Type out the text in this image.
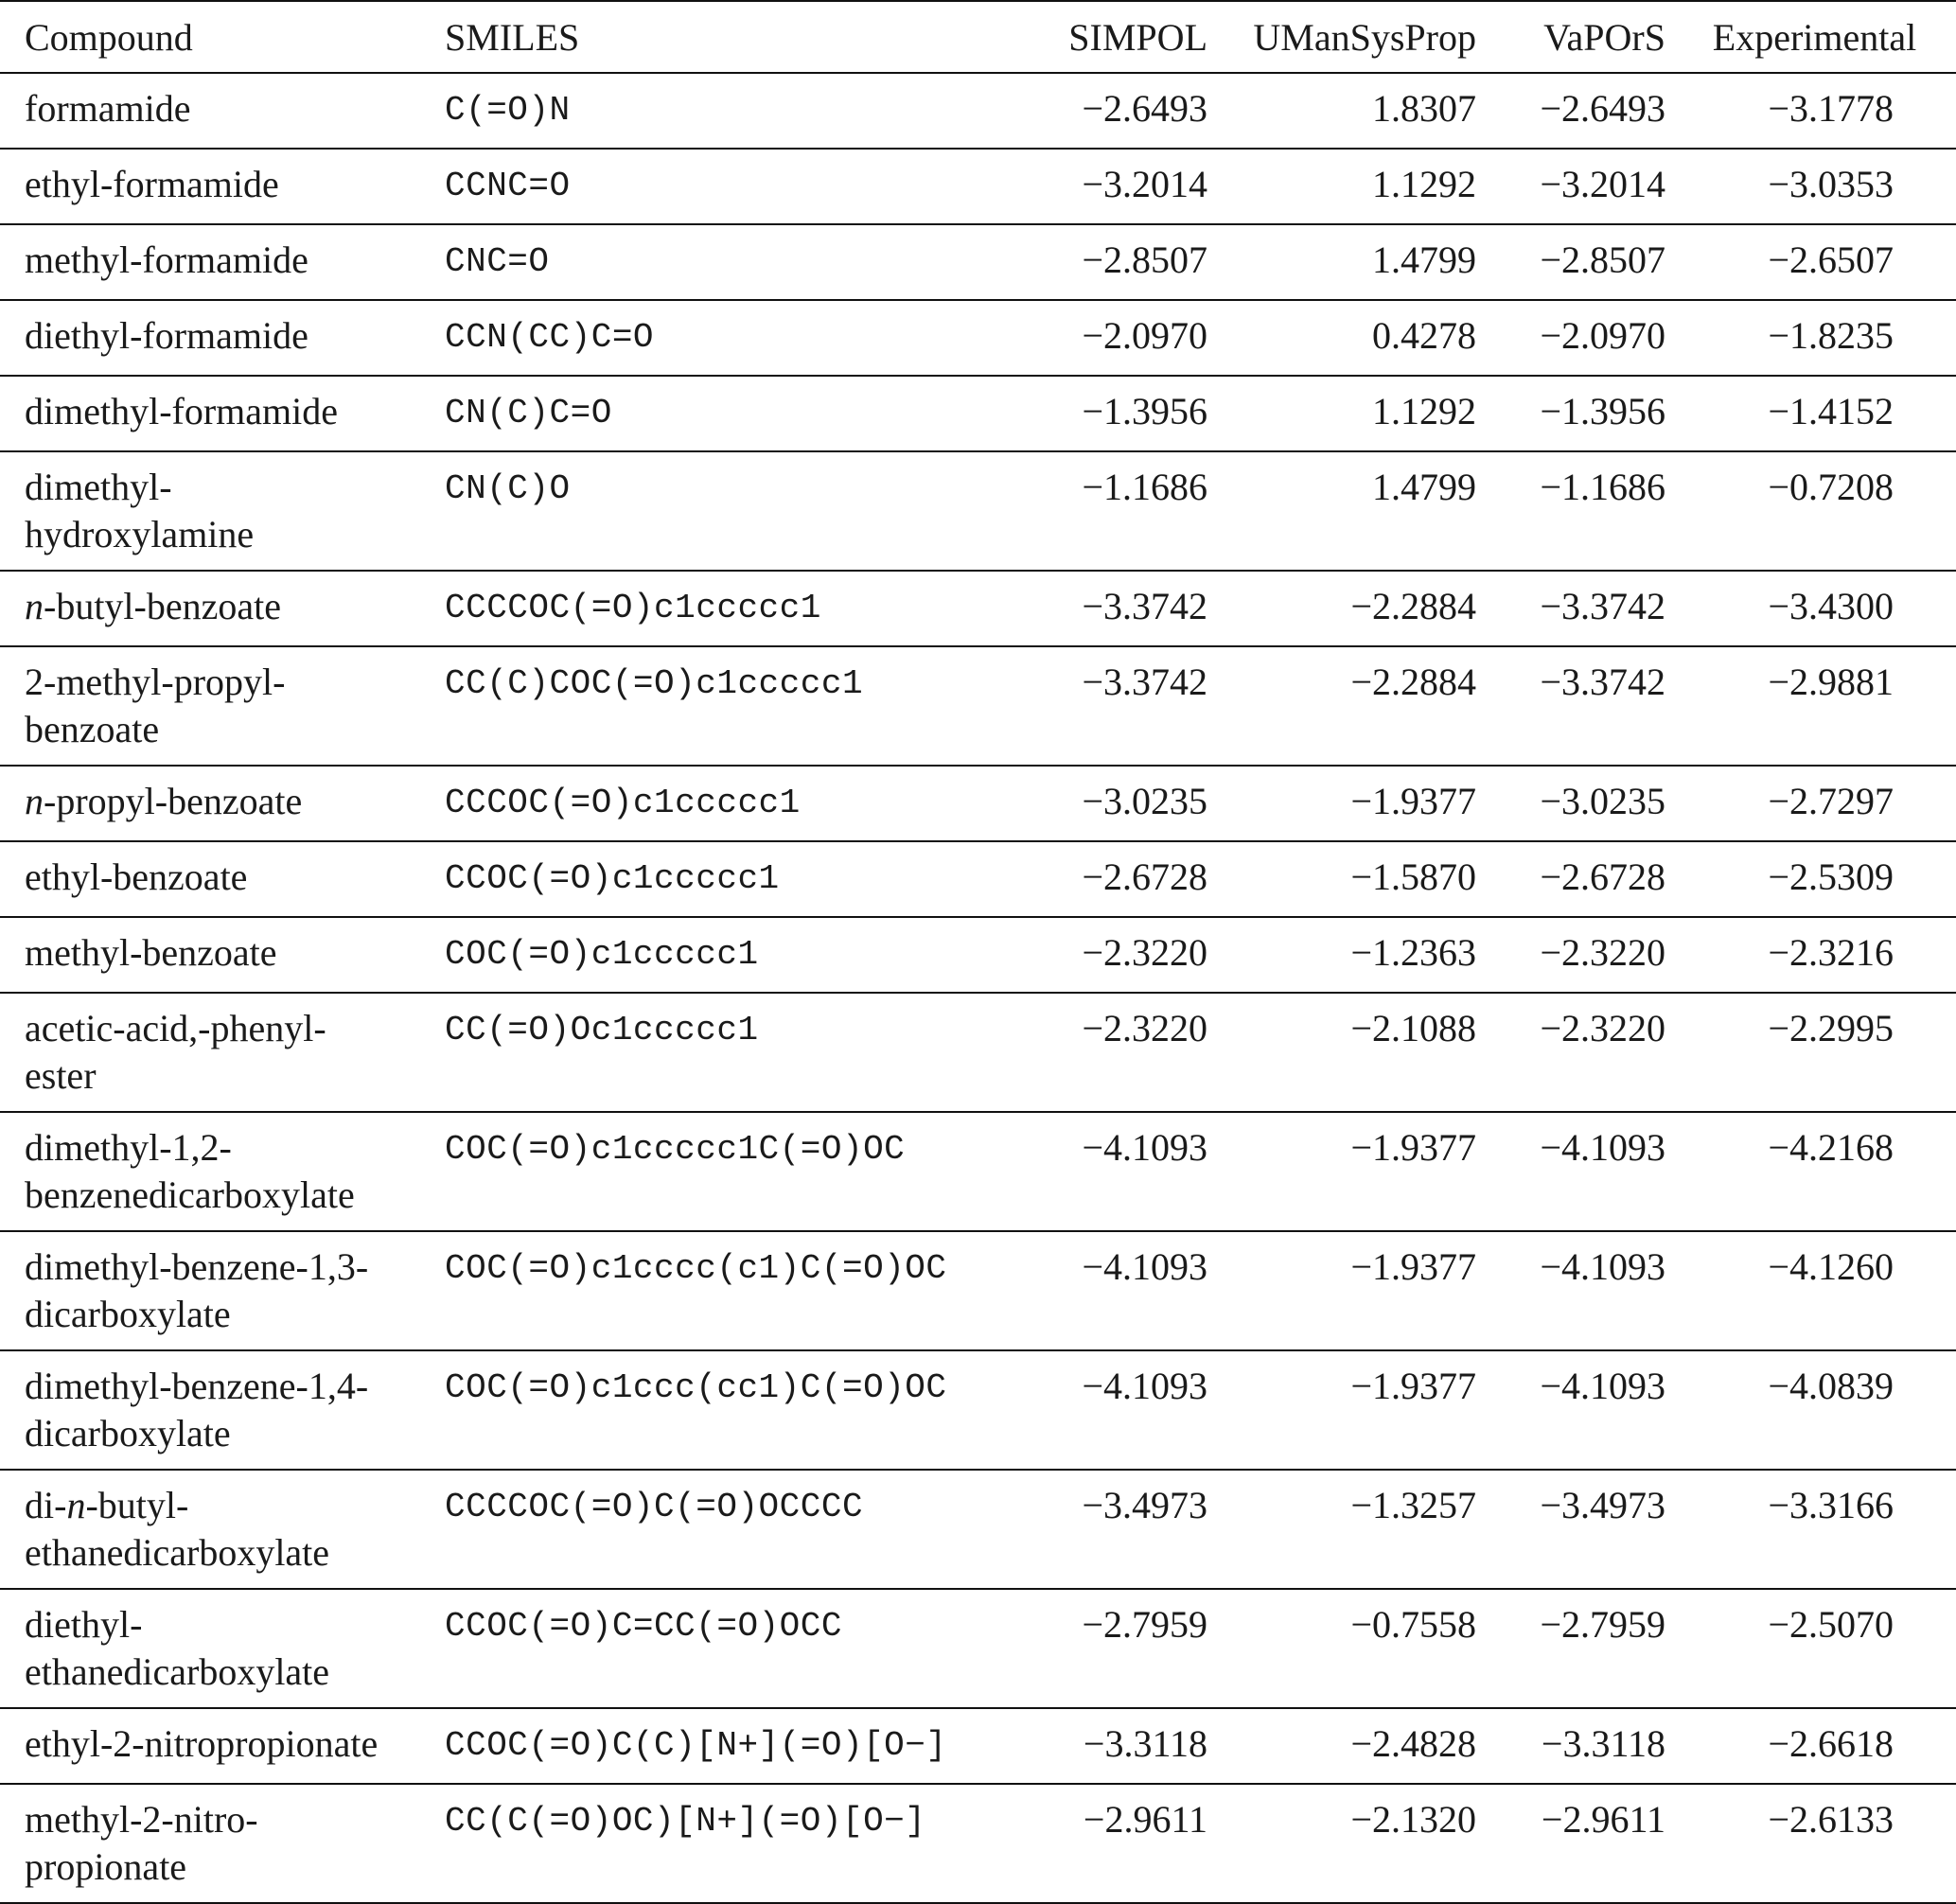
Compound	SMILES	SIMPOL	UManSysProp	VaPOrS	Experimental

formamide	C(=O)N	−2.6493	1.8307	−2.6493	−3.1778

ethyl-formamide	CCNC=O	−3.2014	1.1292	−3.2014	−3.0353

methyl-formamide	CNC=O	−2.8507	1.4799	−2.8507	−2.6507

diethyl-formamide	CCN(CC)C=O	−2.0970	0.4278	−2.0970	−1.8235

dimethyl-formamide	CN(C)C=O	−1.3956	1.1292	−1.3956	−1.4152

dimethyl-
hydroxylamine	CN(C)O	−1.1686	1.4799	−1.1686	−0.7208

n-butyl-benzoate	CCCCOC(=O)c1ccccc1	−3.3742	−2.2884	−3.3742	−3.4300

2-methyl-propyl-
benzoate	CC(C)COC(=O)c1ccccc1	−3.3742	−2.2884	−3.3742	−2.9881

n-propyl-benzoate	CCCOC(=O)c1ccccc1	−3.0235	−1.9377	−3.0235	−2.7297

ethyl-benzoate	CCOC(=O)c1ccccc1	−2.6728	−1.5870	−2.6728	−2.5309

methyl-benzoate	COC(=O)c1ccccc1	−2.3220	−1.2363	−2.3220	−2.3216

acetic-acid,-phenyl-
ester	CC(=O)Oc1ccccc1	−2.3220	−2.1088	−2.3220	−2.2995

dimethyl-1,2-
benzenedicarboxylate	COC(=O)c1ccccc1C(=O)OC	−4.1093	−1.9377	−4.1093	−4.2168

dimethyl-benzene-1,3-
dicarboxylate	COC(=O)c1cccc(c1)C(=O)OC	−4.1093	−1.9377	−4.1093	−4.1260

dimethyl-benzene-1,4-
dicarboxylate	COC(=O)c1ccc(cc1)C(=O)OC	−4.1093	−1.9377	−4.1093	−4.0839

di-n-butyl-
ethanedicarboxylate	CCCCOC(=O)C(=O)OCCCC	−3.4973	−1.3257	−3.4973	−3.3166

diethyl-
ethanedicarboxylate	CCOC(=O)C=CC(=O)OCC	−2.7959	−0.7558	−2.7959	−2.5070

ethyl-2-nitropropionate	CCOC(=O)C(C)[N+](=O)[O−]	−3.3118	−2.4828	−3.3118	−2.6618

methyl-2-nitro-
propionate	CC(C(=O)OC)[N+](=O)[O−]	−2.9611	−2.1320	−2.9611	−2.6133
